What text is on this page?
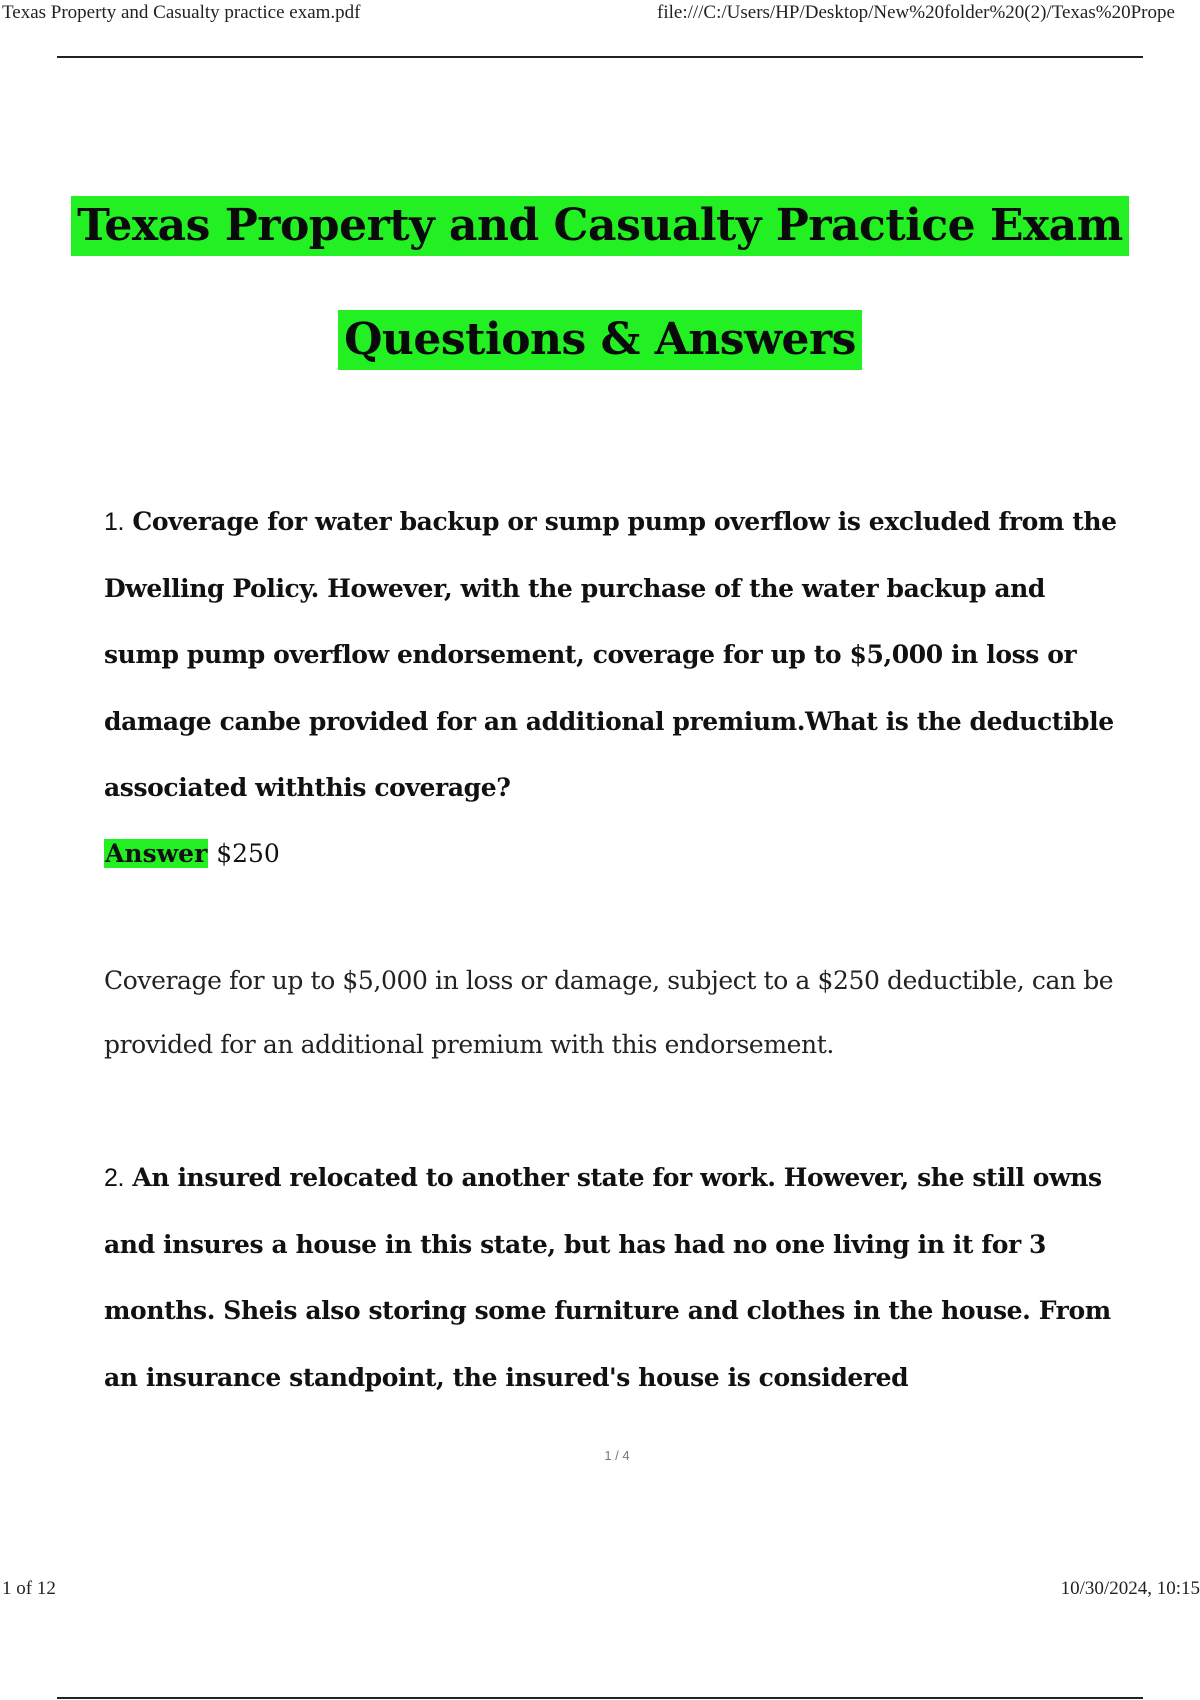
Texas Property and Casualty practice exam.pdf	file:///C:/Users/HP/Desktop/New%20folder%20(2)/Texas%20Prope
Texas Property and Casualty Practice Exam
Questions & Answers

1. Coverage for water backup or sump pump overflow is excluded from the Dwelling Policy. However, with the purchase of the water backup and sump pump overflow endorsement, coverage for up to $5,000 in loss or damage canbe provided for an additional premium.What is the deductible associated withthis coverage?

Answer $250

Coverage for up to $5,000 in loss or damage, subject to a $250 deductible, can be provided for an additional premium with this endorsement.

2. An insured relocated to another state for work. However, she still owns and insures a house in this state, but has had no one living in it for 3 months. Sheis also storing some furniture and clothes in the house. From an insurance standpoint, the insured's house is considered

1 / 4
1 of 12	10/30/2024, 10:15
